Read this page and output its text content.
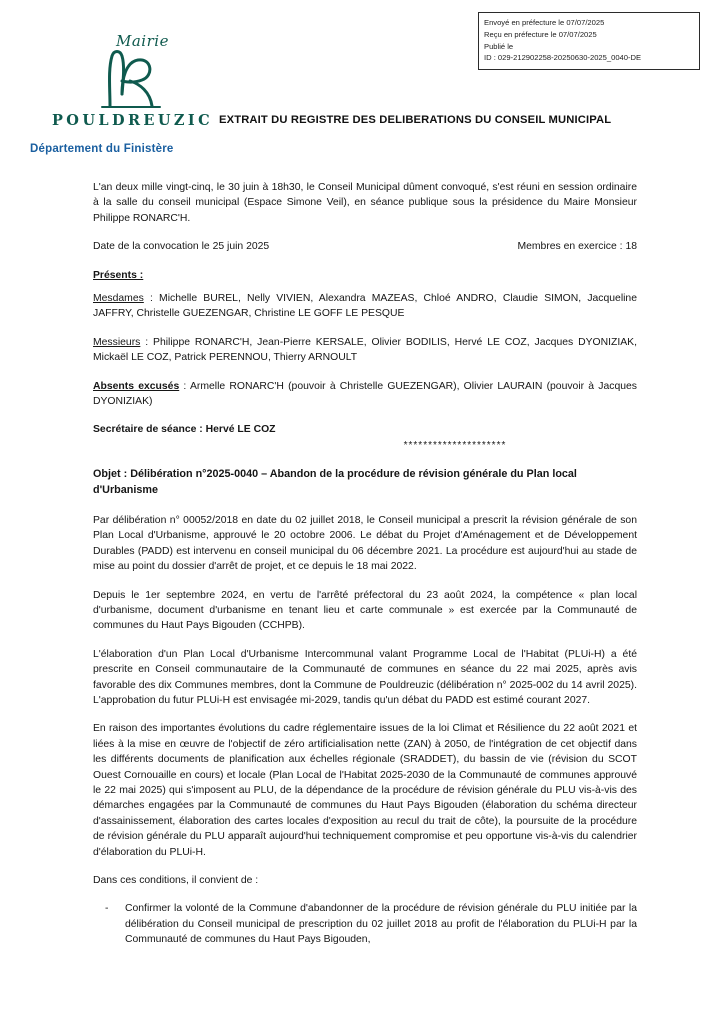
Envoyé en préfecture le 07/07/2025
Reçu en préfecture le 07/07/2025
Publié le
ID : 029-212902258-20250630-2025_0040-DE
Mairie
POULDREUZIC
Département du Finistère
EXTRAIT DU REGISTRE DES DELIBERATIONS DU CONSEIL MUNICIPAL

L'an deux mille vingt-cinq, le 30 juin à 18h30, le Conseil Municipal dûment convoqué, s'est réuni en session ordinaire à la salle du conseil municipal (Espace Simone Veil), en séance publique sous la présidence du Maire Monsieur Philippe RONARC'H.

Date de la convocation le 25 juin 2025	Membres en exercice : 18

Présents :

Mesdames : Michelle BUREL, Nelly VIVIEN, Alexandra MAZEAS, Chloé ANDRO, Claudie SIMON, Jacqueline JAFFRY, Christelle GUEZENGAR, Christine LE GOFF LE PESQUE

Messieurs : Philippe RONARC'H, Jean-Pierre KERSALE, Olivier BODILIS, Hervé LE COZ, Jacques DYONIZIAK, Mickaël LE COZ, Patrick PERENNOU, Thierry ARNOULT

Absents excusés : Armelle RONARC'H (pouvoir à Christelle GUEZENGAR), Olivier LAURAIN (pouvoir à Jacques DYONIZIAK)

Secrétaire de séance : Hervé LE COZ

*********************

Objet : Délibération n°2025-0040 – Abandon de la procédure de révision générale du Plan local d'Urbanisme

Par délibération n° 00052/2018 en date du 02 juillet 2018, le Conseil municipal a prescrit la révision générale de son Plan Local d'Urbanisme, approuvé le 20 octobre 2006. Le débat du Projet d'Aménagement et de Développement Durables (PADD) est intervenu en conseil municipal du 06 décembre 2021. La procédure est aujourd'hui au stade de mise au point du dossier d'arrêt de projet, et ce depuis le 18 mai 2022.

Depuis le 1er septembre 2024, en vertu de l'arrêté préfectoral du 23 août 2024, la compétence « plan local d'urbanisme, document d'urbanisme en tenant lieu et carte communale » est exercée par la Communauté de communes du Haut Pays Bigouden (CCHPB).

L'élaboration d'un Plan Local d'Urbanisme Intercommunal valant Programme Local de l'Habitat (PLUi-H) a été prescrite en Conseil communautaire de la Communauté de communes en séance du 22 mai 2025, après avis favorable des dix Communes membres, dont la Commune de Pouldreuzic (délibération n° 2025-002 du 14 avril 2025). L'approbation du futur PLUi-H est envisagée mi-2029, tandis qu'un débat du PADD est estimé courant 2027.

En raison des importantes évolutions du cadre réglementaire issues de la loi Climat et Résilience du 22 août 2021 et liées à la mise en œuvre de l'objectif de zéro artificialisation nette (ZAN) à 2050, de l'intégration de cet objectif dans les différents documents de planification aux échelles régionale (SRADDET), du bassin de vie (révision du SCOT Ouest Cornouaille en cours) et locale (Plan Local de l'Habitat 2025-2030 de la Communauté de communes approuvé le 22 mai 2025) qui s'imposent au PLU, de la dépendance de la procédure de révision générale du PLU vis-à-vis des démarches engagées par la Communauté de communes du Haut Pays Bigouden (élaboration du schéma directeur d'assainissement, élaboration des cartes locales d'exposition au recul du trait de côte), la poursuite de la procédure de révision générale du PLU apparaît aujourd'hui techniquement compromise et peu opportune vis-à-vis du calendrier d'élaboration du PLUi-H.

Dans ces conditions, il convient de :

-	Confirmer la volonté de la Commune d'abandonner de la procédure de révision générale du PLU initiée par la délibération du Conseil municipal de prescription du 02 juillet 2018 au profit de l'élaboration du PLUi-H par la Communauté de communes du Haut Pays Bigouden,
